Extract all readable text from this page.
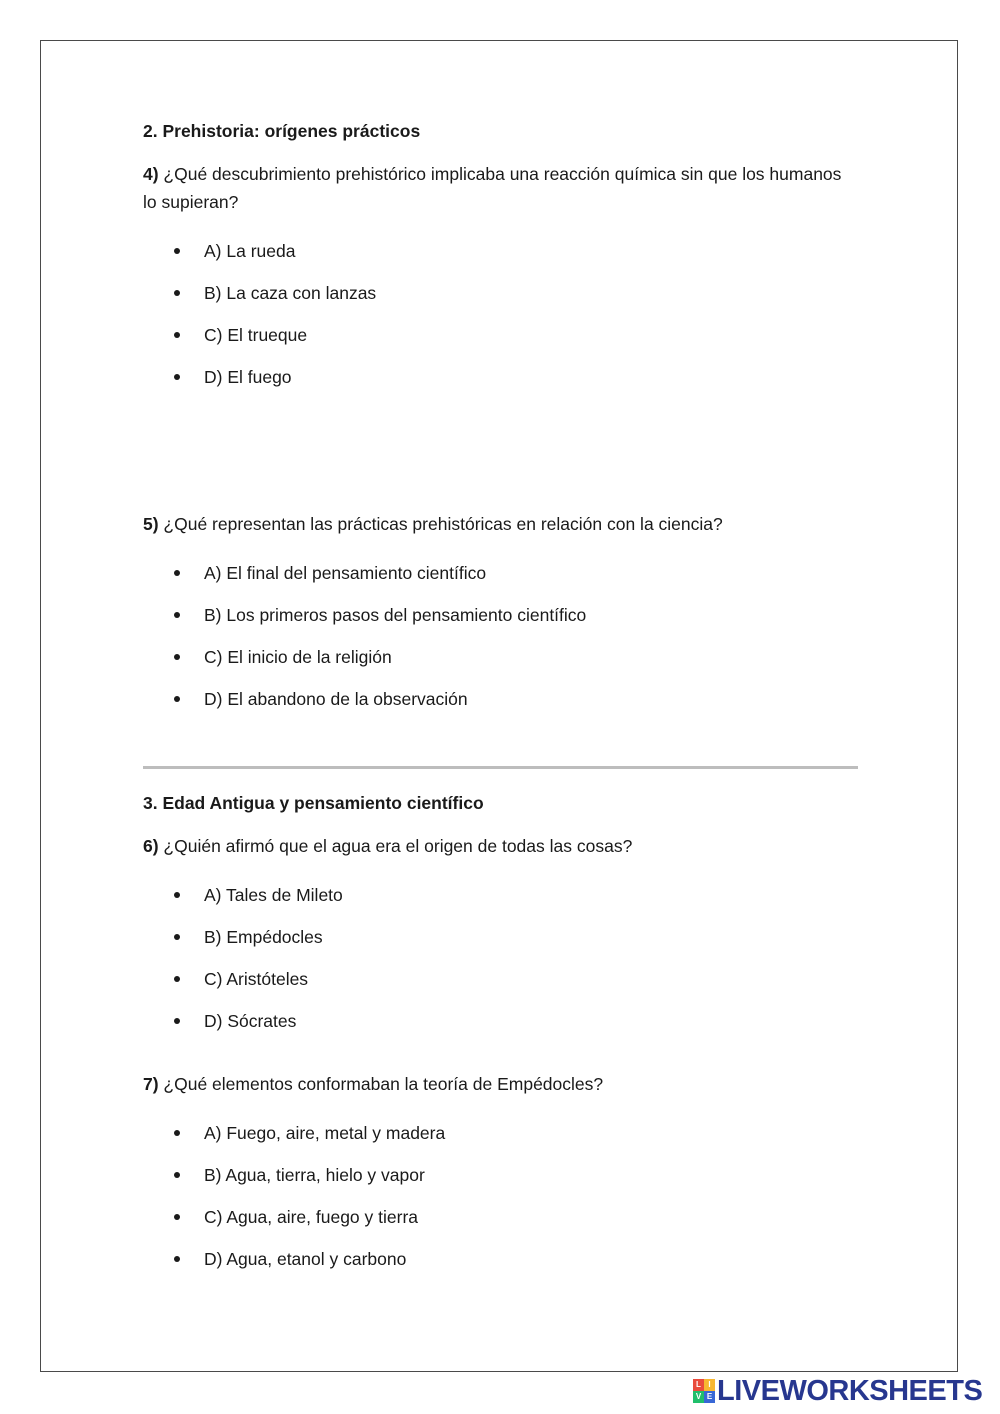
2. Prehistoria: orígenes prácticos

4) ¿Qué descubrimiento prehistórico implicaba una reacción química sin que los humanos lo supieran?

A) La rueda
B) La caza con lanzas
C) El trueque
D) El fuego

5) ¿Qué representan las prácticas prehistóricas en relación con la ciencia?

A) El final del pensamiento científico
B) Los primeros pasos del pensamiento científico
C) El inicio de la religión
D) El abandono de la observación

3. Edad Antigua y pensamiento científico

6) ¿Quién afirmó que el agua era el origen de todas las cosas?

A) Tales de Mileto
B) Empédocles
C) Aristóteles
D) Sócrates

7) ¿Qué elementos conformaban la teoría de Empédocles?

A) Fuego, aire, metal y madera
B) Agua, tierra, hielo y vapor
C) Agua, aire, fuego y tierra
D) Agua, etanol y carbono
L I
V E LIVEWORKSHEETS
